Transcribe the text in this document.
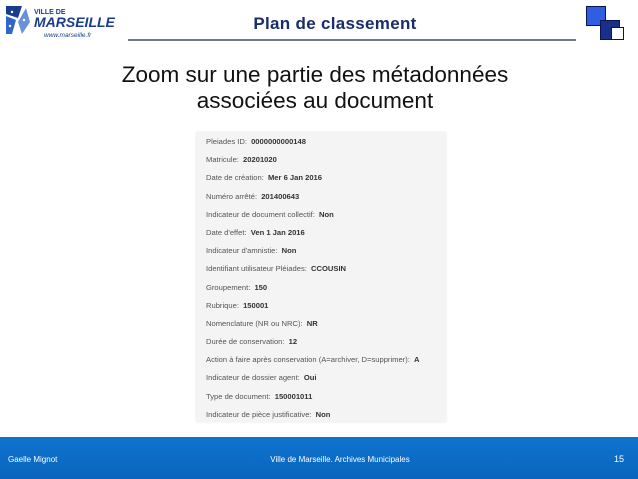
VILLE DE
MARSEILLE
www.marseille.fr
Plan de classement
Zoom sur une partie des métadonnées
associées au document
Pleiades ID: 0000000000148
Matricule: 20201020
Date de création: Mer 6 Jan 2016
Numéro arrêté: 201400643
Indicateur de document collectif: Non
Date d'effet: Ven 1 Jan 2016
Indicateur d'amnistie: Non
Identifiant utilisateur Pléiades: CCOUSIN
Groupement: 150
Rubrique: 150001
Nomenclature (NR ou NRC): NR
Durée de conservation: 12
Action à faire après conservation (A=archiver, D=supprimer): A
Indicateur de dossier agent: Oui
Type de document: 150001011
Indicateur de pièce justificative: Non
Gaelle Mignot	Ville de Marseille. Archives Municipales	15
